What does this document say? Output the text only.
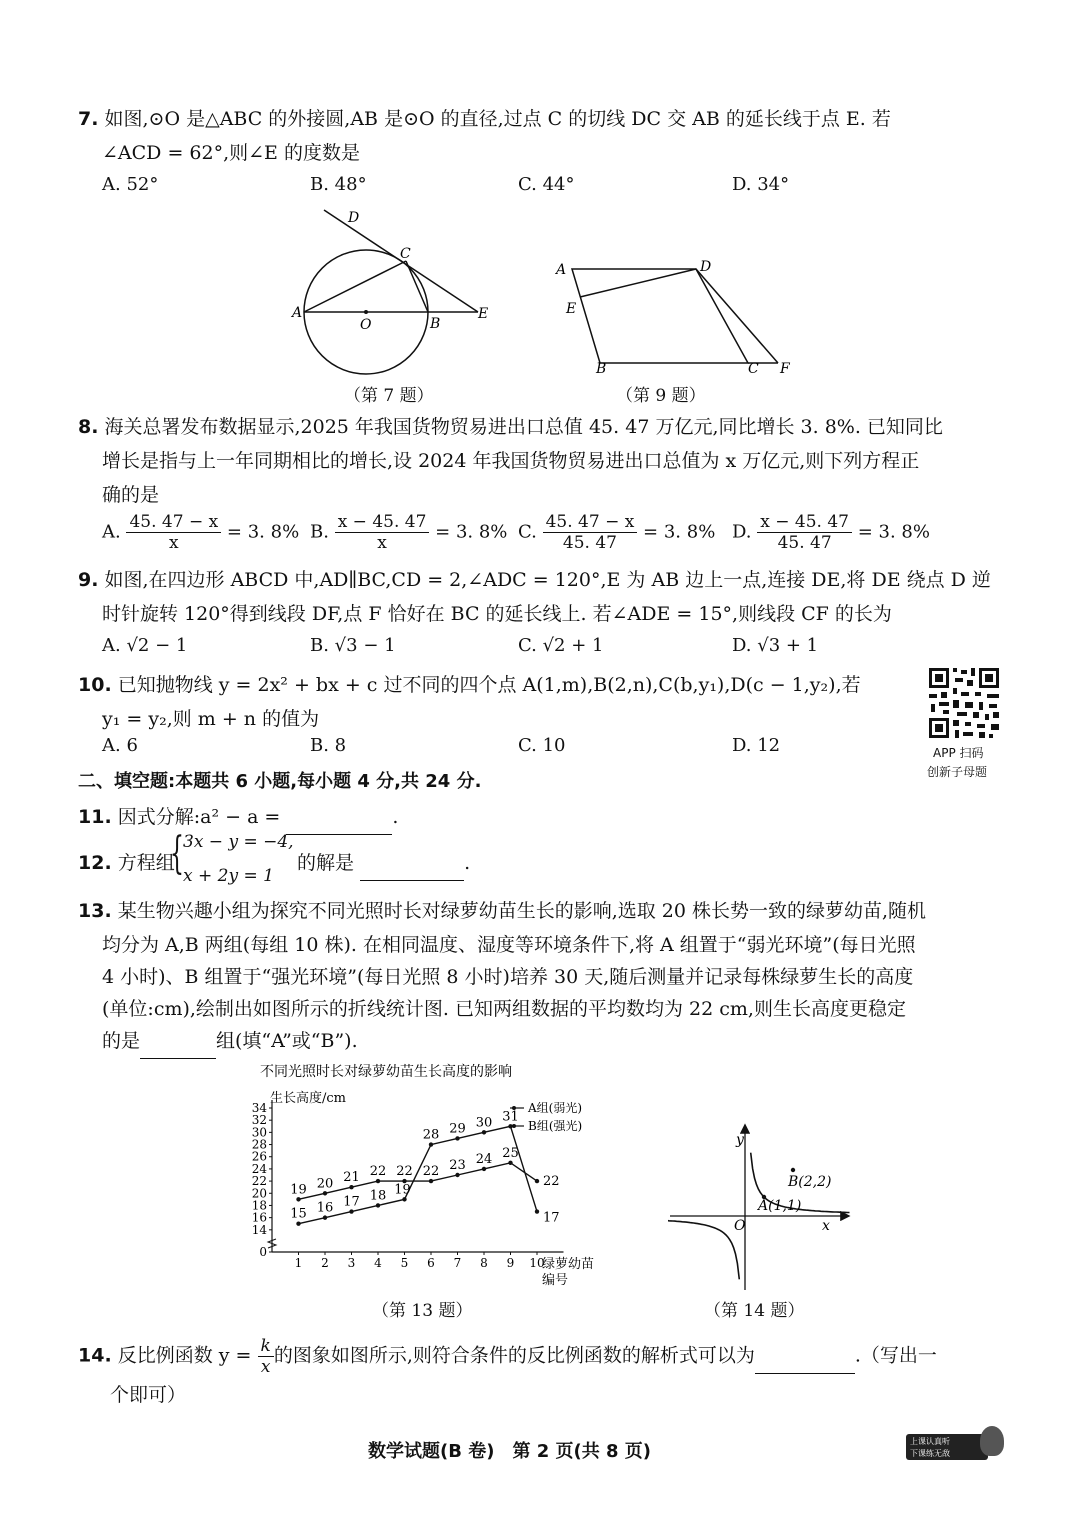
7. 如图,⊙O 是△ABC 的外接圆,AB 是⊙O 的直径,过点 C 的切线 DC 交 AB 的延长线于点 E. 若
∠ACD = 62°,则∠E 的度数是
A. 52°	B. 48°	C. 44°	D. 34°
D
C
A
O	B
E
（第 7 题）
A	D
E
B	C F
（第 9 题）
8. 海关总署发布数据显示,2025 年我国货物贸易进出口总值 45. 47 万亿元,同比增长 3. 8%. 已知同比
增长是指与上一年同期相比的增长,设 2024 年我国货物贸易进出口总值为 x 万亿元,则下列方程正
确的是
A. $\frac{45. 47 - x}{x} = 3$. 8% B. $\frac{x - 45. 47}{x} = 3$. 8% C. $\frac{45. 47 - x}{45. 47} = 3$. 8% D. $\frac{x - 45. 47}{45. 47} = 3$. 8%
9. 如图,在四边形 ABCD 中,AD∥BC,CD = 2,∠ADC = 120°,E 为 AB 边上一点,连接 DE,将 DE 绕点 D 逆
时针旋转 120°得到线段 DF,点 F 恰好在 BC 的延长线上. 若∠ADE = 15°,则线段 CF 的长为
A. √2 − 1	B. √3 − 1	C. √2 + 1	D. √3 + 1
10. 已知抛物线 y = 2x² + bx + c 过不同的四个点 A(1,m),B(2,n),C(b,y₁),D(c − 1,y₂),若
y₁ = y₂,则 m + n 的值为
A. 6	B. 8	C. 10	D. 12	APP 扫码
创新子母题
二、填空题:本题共 6 小题,每小题 4 分,共 24 分.
11. 因式分解:a² − a =	.
12. 方程组
{ 3x − y = −4,
x + 2y = 1
的解是	.
13. 某生物兴趣小组为探究不同光照时长对绿萝幼苗生长的影响,选取 20 株长势一致的绿萝幼苗,随机
均分为 A,B 两组(每组 10 株). 在相同温度、湿度等环境条件下,将 A 组置于“弱光环境”(每日光照
4 小时)、B 组置于“强光环境”(每日光照 8 小时)培养 30 天,随后测量并记录每株绿萝生长的高度
(单位:cm),绘制出如图所示的折线统计图. 已知两组数据的平均数均为 22 cm,则生长高度更稳定
的是	组(填“A”或“B”).
不同光照时长对绿萝幼苗生长高度的影响
生长高度/cm
绿萝幼苗
编号
0
14
16
18
20
22
24
26
28
30
32
34
1 2 3 4 5 6 7 8 9 10
19 20 21 22 22 22 23 24 25
22
A组(弱光)
15 16 17 18 19
28 29 30 31
17
B组(强光)
（第 13 题）
y
x
O
A(1,1)
B(2,2)
（第 14 题）
14. 反比例函数 $y = \frac{k}{x}$ 的图象如图所示,则符合条件的反比例函数的解析式可以为	.（写出一
个即可）
数学试题(B 卷)　第 2 页(共 8 页)	上课认真听
下课练无敌
